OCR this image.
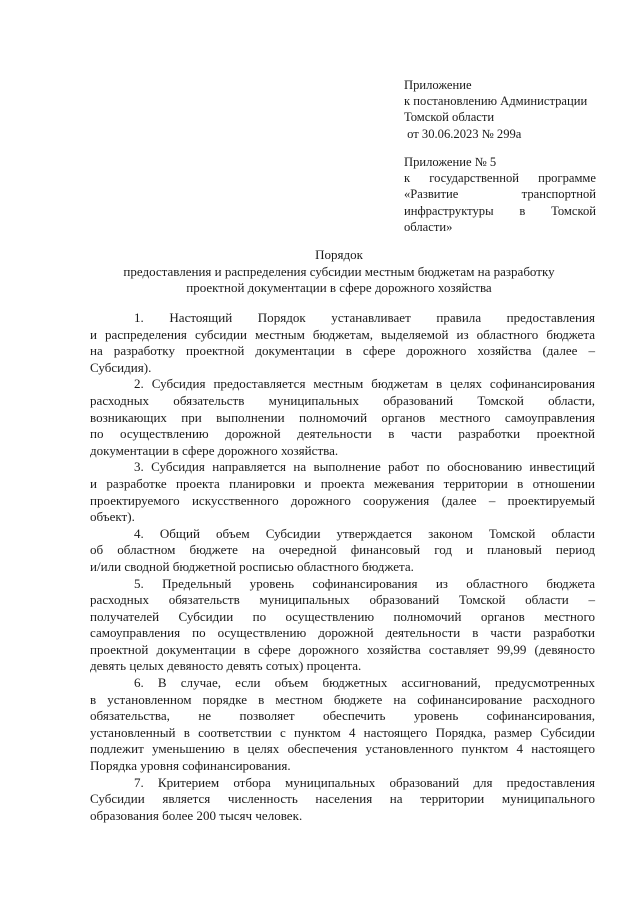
Приложение
к постановлению Администрации
Томской области
от 30.06.2023 № 299а
Приложение № 5
к государственной программе
«Развитие транспортной
инфраструктуры в Томской
области»
Порядок
предоставления и распределения субсидии местным бюджетам на разработку
проектной документации в сфере дорожного хозяйства

1. Настоящий Порядок устанавливает правила предоставления
и распределения субсидии местным бюджетам, выделяемой из областного бюджета
на разработку проектной документации в сфере дорожного хозяйства (далее –
Субсидия).

2. Субсидия предоставляется местным бюджетам в целях софинансирования
расходных обязательств муниципальных образований Томской области,
возникающих при выполнении полномочий органов местного самоуправления
по осуществлению дорожной деятельности в части разработки проектной
документации в сфере дорожного хозяйства.

3. Субсидия направляется на выполнение работ по обоснованию инвестиций
и разработке проекта планировки и проекта межевания территории в отношении
проектируемого искусственного дорожного сооружения (далее – проектируемый
объект).

4. Общий объем Субсидии утверждается законом Томской области
об областном бюджете на очередной финансовый год и плановый период
и/или сводной бюджетной росписью областного бюджета.

5. Предельный уровень софинансирования из областного бюджета
расходных обязательств муниципальных образований Томской области –
получателей Субсидии по осуществлению полномочий органов местного
самоуправления по осуществлению дорожной деятельности в части разработки
проектной документации в сфере дорожного хозяйства составляет 99,99 (девяносто
девять целых девяносто девять сотых) процента.

6. В случае, если объем бюджетных ассигнований, предусмотренных
в установленном порядке в местном бюджете на софинансирование расходного
обязательства, не позволяет обеспечить уровень софинансирования,
установленный в соответствии с пунктом 4 настоящего Порядка, размер Субсидии
подлежит уменьшению в целях обеспечения установленного пунктом 4 настоящего
Порядка уровня софинансирования.

7. Критерием отбора муниципальных образований для предоставления
Субсидии является численность населения на территории муниципального
образования более 200 тысяч человек.
